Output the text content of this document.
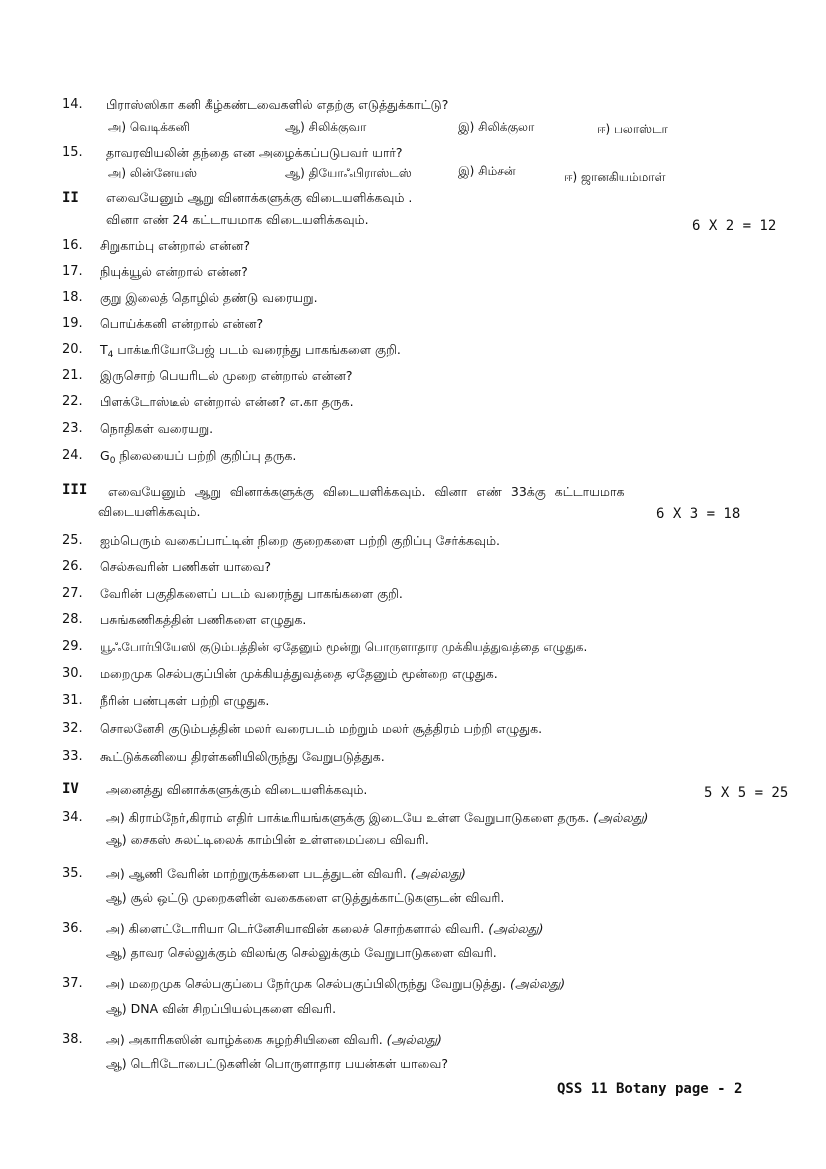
14.	பிராஸ்ஸிகா கனி கீழ்கண்டவைகளில் எதற்கு எடுத்துக்காட்டு?
அ) வெடிக்கனி	ஆ) சிலிக்குவா	இ) சிலிக்குலா	ஈ) பலாஸ்டா
15.	தாவரவியலின் தந்தை என அழைக்கப்படுபவர் யார்?
அ) லின்னேயஸ்	ஆ) தியோஃபிராஸ்டஸ்	இ) சிம்சன்	ஈ) ஜானகியம்மாள்
II எவையேனும் ஆறு வினாக்களுக்கு விடையளிக்கவும் .
வினா எண் 24 கட்டாயமாக விடையளிக்கவும்.	6 X 2 = 12
16.	சிறுகாம்பு என்றால் என்ன?
17.	நியுக்யூல் என்றால் என்ன?
18.	குறு இலைத் தொழில் தண்டு வரையறு.
19.	பொய்க்கனி என்றால் என்ன?
20.	$T_4$ பாக்டீரியோபேஜ் படம் வரைந்து பாகங்களை குறி.
21.	இருசொற் பெயரிடல் முறை என்றால் என்ன?
22.	பிளக்டோஸ்டீல் என்றால் என்ன? எ.கா தருக.
23.	நொதிகள் வரையறு.
24.	$G_0$ நிலையைப் பற்றி குறிப்பு தருக.
III எவையேனும் ஆறு வினாக்களுக்கு விடையளிக்கவும். வினா எண் 33க்கு கட்டாயமாக
விடையளிக்கவும்.	6 X 3 = 18
25.	ஐம்பெரும் வகைப்பாட்டின் நிறை குறைகளை பற்றி குறிப்பு சேர்க்கவும்.
26.	செல்சுவரின் பணிகள் யாவை?
27.	வேரின் பகுதிகளைப் படம் வரைந்து பாகங்களை குறி.
28.	பசுங்கணிகத்தின் பணிகளை எழுதுக.
29.	யூஃபோர்பியேஸி குடும்பத்தின் ஏதேனும் மூன்று பொருளாதார முக்கியத்துவத்தை எழுதுக.
30.	மறைமுக செல்பகுப்பின் முக்கியத்துவத்தை ஏதேனும் மூன்றை எழுதுக.
31.	நீரின் பண்புகள் பற்றி எழுதுக.
32.	சொலனேசி குடும்பத்தின் மலர் வரைபடம் மற்றும் மலர் சூத்திரம் பற்றி எழுதுக.
33.	கூட்டுக்கனியை திரள்கனியிலிருந்து வேறுபடுத்துக.
IV அனைத்து வினாக்களுக்கும் விடையளிக்கவும்.	5 X 5 = 25
34.	அ) கிராம்நேர்,கிராம் எதிர் பாக்டீரியங்களுக்கு இடையே உள்ள வேறுபாடுகளை தருக. (அல்லது)
ஆ) சைகஸ் சுலட்டிலைக் காம்பின் உள்ளமைப்பை விவரி.
35.	அ) ஆணி வேரின் மாற்றுருக்களை படத்துடன் விவரி. (அல்லது)
ஆ) சூல் ஒட்டு முறைகளின் வகைகளை எடுத்துக்காட்டுகளுடன் விவரி.
36.	அ) கிளைட்டோரியா டெர்னேசியாவின் கலைச் சொற்களால் விவரி. (அல்லது)
ஆ) தாவர செல்லுக்கும் விலங்கு செல்லுக்கும் வேறுபாடுகளை விவரி.
37.	அ) மறைமுக செல்பகுப்பை நேர்முக செல்பகுப்பிலிருந்து வேறுபடுத்து. (அல்லது)
ஆ) DNA வின் சிறப்பியல்புகளை விவரி.
38.	அ) அகாரிகஸின் வாழ்க்கை சுழற்சியினை விவரி. (அல்லது)
ஆ) டெரிடோபைட்டுகளின் பொருளாதார பயன்கள் யாவை?
QSS 11 Botany page - 2
